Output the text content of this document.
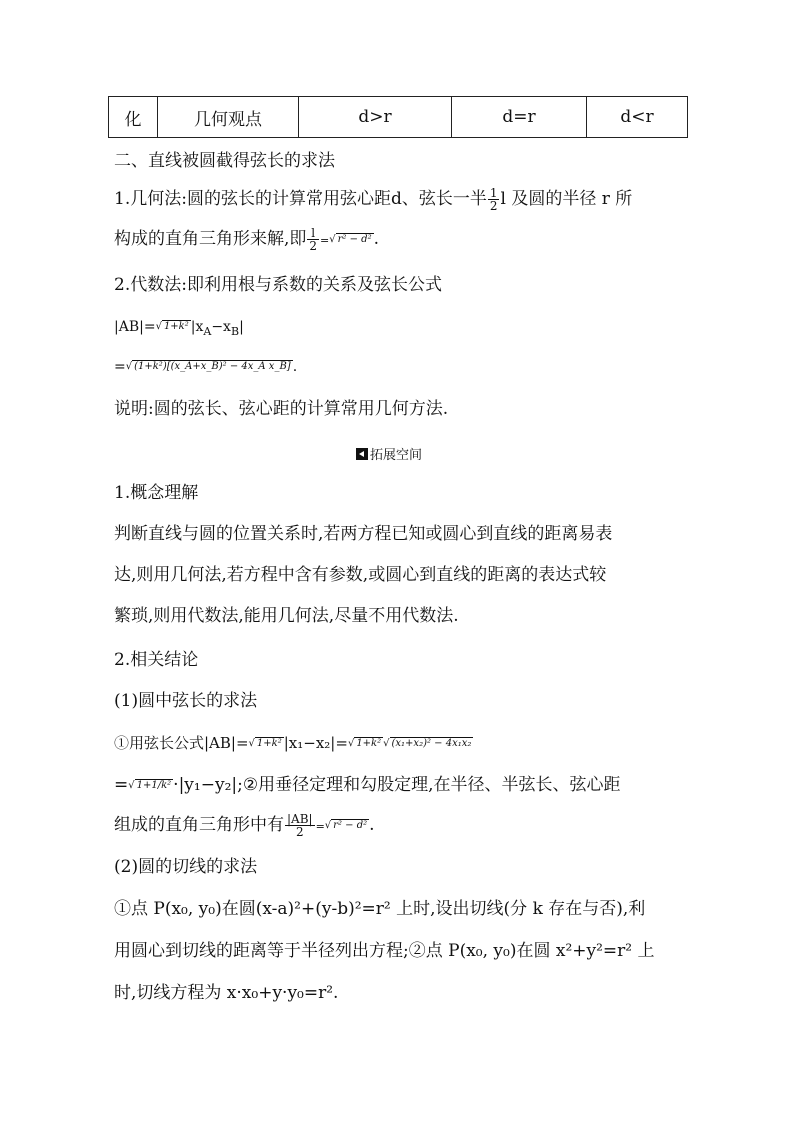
化	几何观点	d>r	d=r	d<r
二、直线被圆截得弦长的求法
1.几何法:圆的弦长的计算常用弦心距d、弦长一半 $\frac{1}{2}$ l 及圆的半径 r 所
构成的直角三角形来解,即 $\frac{l}{2}$ =√ r² − d² .
2.代数法:即利用根与系数的关系及弦长公式
|AB|=√ 1+k² $|x_A-x_B|$
=√ (1+k²)[(x_A+x_B)² − 4x_A x_B] .
说明:圆的弦长、弦心距的计算常用几何方法.
拓展空间
1.概念理解
判断直线与圆的位置关系时,若两方程已知或圆心到直线的距离易表
达,则用几何法,若方程中含有参数,或圆心到直线的距离的表达式较
繁琐,则用代数法,能用几何法,尽量不用代数法.
2.相关结论
(1)圆中弦长的求法
①用弦长公式|AB|=√ 1+k² |x₁−x₂|=√ 1+k² √ (x₁+x₂)² − 4x₁x₂
=√ 1+1/k² ·|y₁−y₂|;②用垂径定理和勾股定理,在半径、半弦长、弦心距
组成的直角三角形中有 $\frac{|AB|}{2}$ =√ r² − d² .
(2)圆的切线的求法
①点 P(x₀, y₀)在圆(x-a)²+(y-b)²=r² 上时,设出切线(分 k 存在与否),利
用圆心到切线的距离等于半径列出方程;②点 P(x₀, y₀)在圆 x²+y²=r² 上
时,切线方程为 x·x₀+y·y₀=r².
